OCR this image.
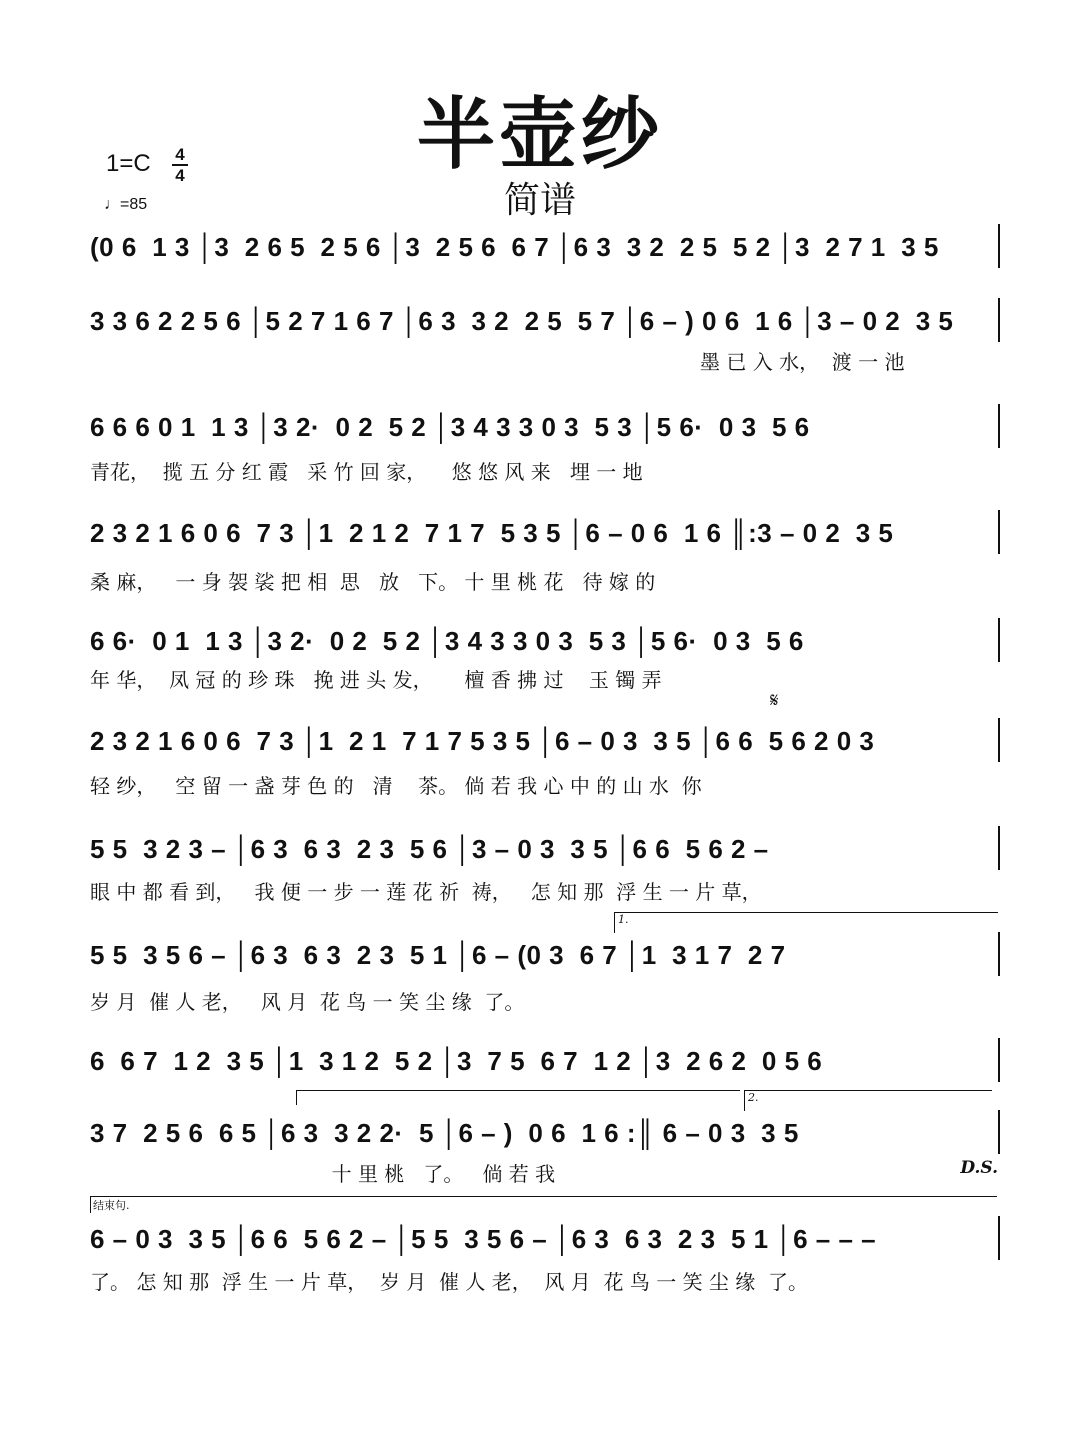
半壶纱
简谱
1=C 4
4
♩=85
(0 6  1 3 │3  2 6 5  2 5 6 │3  2 5 6  6 7 │6 3  3 2  2 5  5 2 │3  2 7 1  3 5
3 3 6 2 2 5 6 │5 2 7 1 6 7 │6 3  3 2  2 5  5 7 │6 – ) 0 6  1 6 │3 – 0 2  3 5
墨 已 入 水，  渡 一 池
6 6 6 0 1  1 3 │3 2·  0 2  5 2 │3 4 3 3 0 3  5 3 │5 6·  0 3  5 6
青花，  揽 五 分 红 霞   采 竹 回 家，    悠 悠 风 来   埋 一 地
2 3 2 1 6 0 6  7 3 │1  2 1 2  7 1 7  5 3 5 │6 – 0 6  1 6 ║:3 – 0 2  3 5
桑 麻，   一 身 袈 裟 把 相  思   放   下。 十 里 桃 花   待 嫁 的
6 6·  0 1  1 3 │3 2·  0 2  5 2 │3 4 3 3 0 3  5 3 │5 6·  0 3  5 6
年 华，  凤 冠 的 珍 珠   挽 进 头 发，     檀 香 拂 过    玉 镯 弄
𝄋
2 3 2 1 6 0 6  7 3 │1  2 1  7 1 7 5 3 5 │6 – 0 3  3 5 │6 6  5 6 2 0 3
轻 纱，   空 留 一 盏 芽 色 的   清    茶。 倘 若 我 心 中 的 山 水  你
5 5  3 2 3 – │6 3  6 3  2 3  5 6 │3 – 0 3  3 5 │6 6  5 6 2 –
眼 中 都 看 到，   我 便 一 步 一 莲 花 祈  祷，   怎 知 那  浮 生 一 片 草，
1.
5 5  3 5 6 – │6 3  6 3  2 3  5 1 │6 – (0 3  6 7 │1  3 1 7  2 7
岁 月  催 人 老，   风 月  花 鸟 一 笑 尘 缘  了。
6  6 7  1 2  3 5 │1  3 1 2  5 2 │3  7 5  6 7  1 2 │3  2 6 2  0 5 6
2.
3 7  2 5 6  6 5 │6 3  3 2 2·  5 │6 – )  0 6  1 6 :║ 6 – 0 3  3 5
十 里 桃   了。   倘 若 我	D.S.
结束句.
6 – 0 3  3 5 │6 6  5 6 2 – │5 5  3 5 6 – │6 3  6 3  2 3  5 1 │6 – – –
了。 怎 知 那  浮 生 一 片 草，  岁 月  催 人 老，  风 月  花 鸟 一 笑 尘 缘  了。
